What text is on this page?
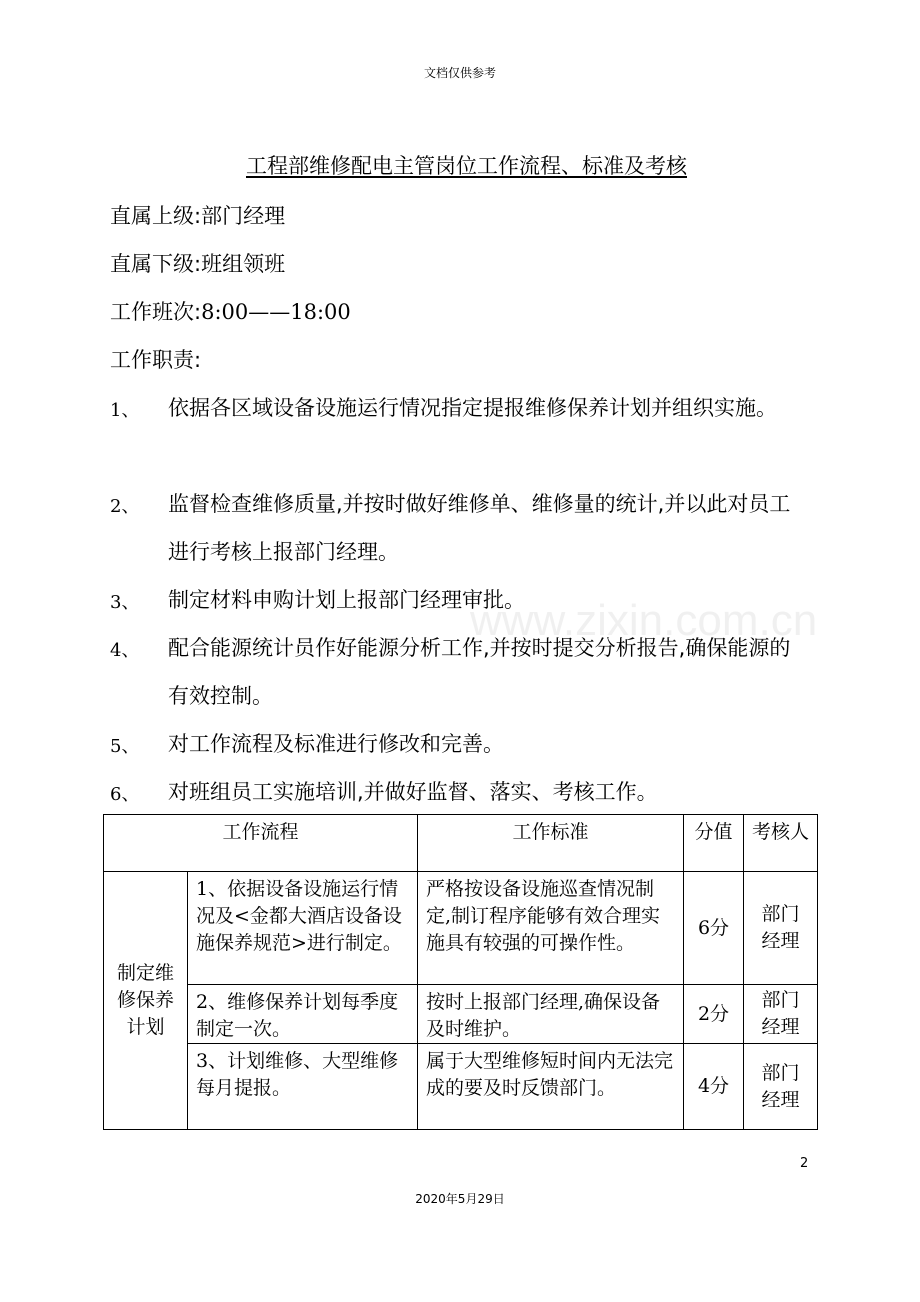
文档仅供参考
工程部维修配电主管岗位工作流程、标准及考核
直属上级:部门经理
直属下级:班组领班
工作班次:8:00——18:00
工作职责:
1、 依据各区域设备设施运行情况指定提报维修保养计划并组织实施。
2、 监督检查维修质量,并按时做好维修单、维修量的统计,并以此对员工进行考核上报部门经理。
3、 制定材料申购计划上报部门经理审批。
4、 配合能源统计员作好能源分析工作,并按时提交分析报告,确保能源的有效控制。
5、 对工作流程及标准进行修改和完善。
6、 对班组员工实施培训,并做好监督、落实、考核工作。
www.zixin.com.cn
工作流程		工作标准	分值	考核人
制定维修保养计划	1、依据设备设施运行情况及<金都大酒店设备设施保养规范>进行制定。	严格按设备设施巡查情况制定,制订程序能够有效合理实施具有较强的可操作性。	6分	部门经理
	2、维修保养计划每季度制定一次。	按时上报部门经理,确保设备及时维护。	2分	部门经理
	3、计划维修、大型维修每月提报。	属于大型维修短时间内无法完成的要及时反馈部门。	4分	部门经理
2
2020年5月29日
